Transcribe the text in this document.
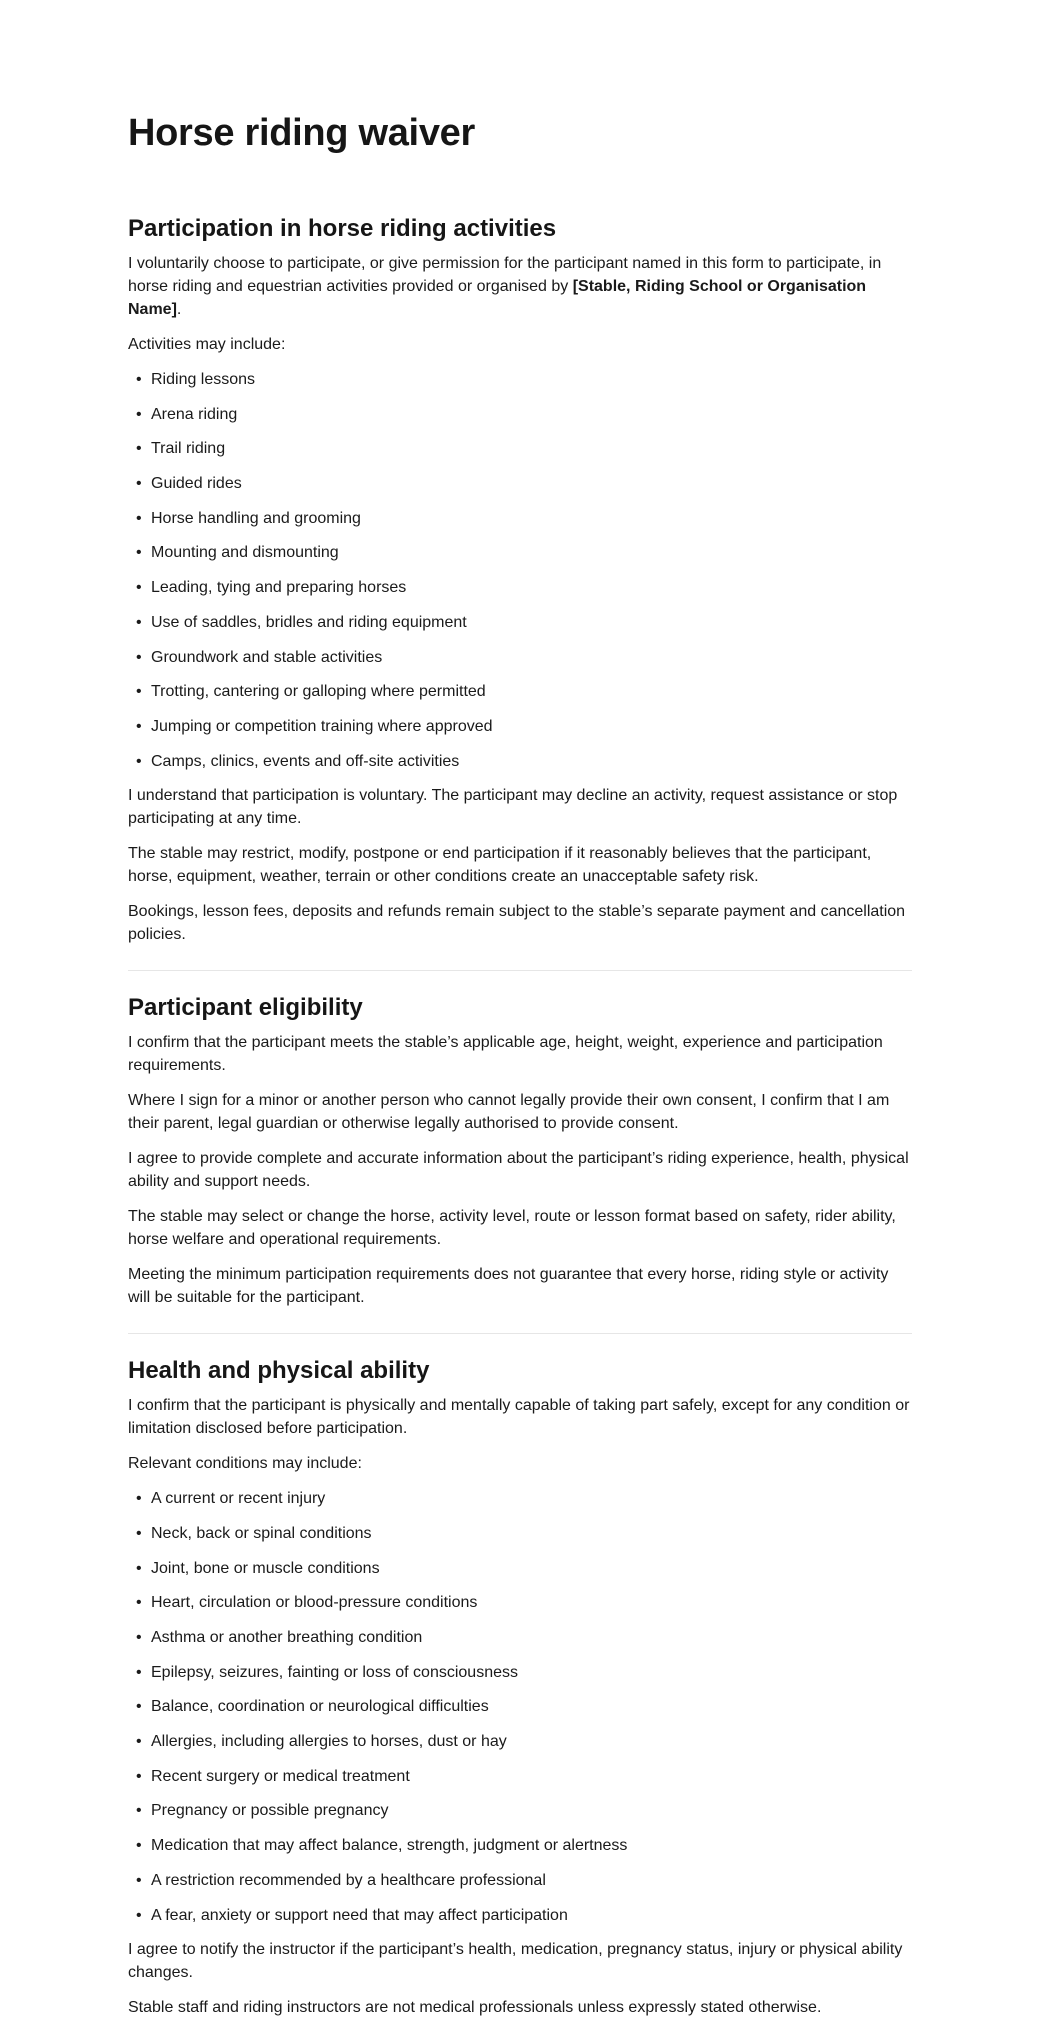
Horse riding waiver
Participation in horse riding activities

I voluntarily choose to participate, or give permission for the participant named in this form to participate, in horse riding and equestrian activities provided or organised by [Stable, Riding School or Organisation Name].

Activities may include:

• Riding lessons
• Arena riding
• Trail riding
• Guided rides
• Horse handling and grooming
• Mounting and dismounting
• Leading, tying and preparing horses
• Use of saddles, bridles and riding equipment
• Groundwork and stable activities
• Trotting, cantering or galloping where permitted
• Jumping or competition training where approved
• Camps, clinics, events and off-site activities

I understand that participation is voluntary. The participant may decline an activity, request assistance or stop participating at any time.

The stable may restrict, modify, postpone or end participation if it reasonably believes that the participant, horse, equipment, weather, terrain or other conditions create an unacceptable safety risk.

Bookings, lesson fees, deposits and refunds remain subject to the stable’s separate payment and cancellation policies.

Participant eligibility

I confirm that the participant meets the stable’s applicable age, height, weight, experience and participation requirements.

Where I sign for a minor or another person who cannot legally provide their own consent, I confirm that I am their parent, legal guardian or otherwise legally authorised to provide consent.

I agree to provide complete and accurate information about the participant’s riding experience, health, physical ability and support needs.

The stable may select or change the horse, activity level, route or lesson format based on safety, rider ability, horse welfare and operational requirements.

Meeting the minimum participation requirements does not guarantee that every horse, riding style or activity will be suitable for the participant.

Health and physical ability

I confirm that the participant is physically and mentally capable of taking part safely, except for any condition or limitation disclosed before participation.

Relevant conditions may include:

• A current or recent injury
• Neck, back or spinal conditions
• Joint, bone or muscle conditions
• Heart, circulation or blood-pressure conditions
• Asthma or another breathing condition
• Epilepsy, seizures, fainting or loss of consciousness
• Balance, coordination or neurological difficulties
• Allergies, including allergies to horses, dust or hay
• Recent surgery or medical treatment
• Pregnancy or possible pregnancy
• Medication that may affect balance, strength, judgment or alertness
• A restriction recommended by a healthcare professional
• A fear, anxiety or support need that may affect participation

I agree to notify the instructor if the participant’s health, medication, pregnancy status, injury or physical ability changes.

Stable staff and riding instructors are not medical professionals unless expressly stated otherwise.
